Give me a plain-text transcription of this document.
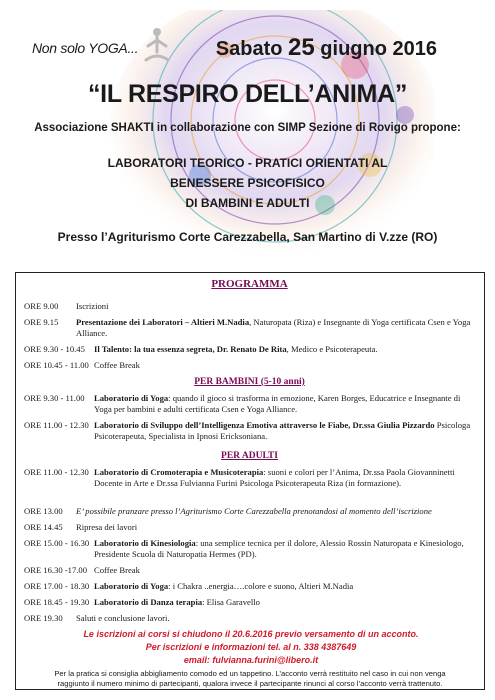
Non solo YOGA...	Sabato 25 giugno 2016
“IL RESPIRO DELL’ANIMA”
Associazione SHAKTI in collaborazione con SIMP Sezione di Rovigo propone:
LABORATORI TEORICO - PRATICI ORIENTATI AL
BENESSERE PSICOFISICO
DI BAMBINI E ADULTI
Presso l’Agriturismo Corte Carezzabella, San Martino di V.zze (RO)
PROGRAMMA
ORE 9.00 Iscrizioni
ORE 9.15 Presentazione dei Laboratori – Altieri M.Nadia, Naturopata (Riza) e Insegnante di Yoga certificata Csen e Yoga Alliance.
ORE 9.30 - 10.45 Il Talento: la tua essenza segreta, Dr. Renato De Rita, Medico e Psicoterapeuta.
ORE 10.45 - 11.00 Coffee Break
PER BAMBINI (5-10 anni)
ORE 9.30 - 11.00 Laboratorio di Yoga: quando il gioco si trasforma in emozione, Karen Borges, Educatrice e Insegnante di Yoga per bambini e adulti certificata Csen e Yoga Alliance.
ORE 11.00 - 12.30 Laboratorio di Sviluppo dell’Intelligenza Emotiva attraverso le Fiabe, Dr.ssa Giulia Pizzardo Psicologa Psicoterapeuta, Specialista in Ipnosi Ericksoniana.
PER ADULTI
ORE 11.00 - 12.30 Laboratorio di Cromoterapia e Musicoterapia: suoni e colori per l’Anima, Dr.ssa Paola Giovanninetti Docente in Arte e Dr.ssa Fulvianna Furini Psicologa Psicoterapeuta Riza (in formazione).
ORE 13.00 E’ possibile pranzare presso l’Agriturismo Corte Carezzabella prenotandosi al momento dell’iscrizione
ORE 14.45 Ripresa dei lavori
ORE 15.00 - 16.30 Laboratorio di Kinesiologia: una semplice tecnica per il dolore, Alessio Rossin Naturopata e Kinesiologo, Presidente Scuola di Naturopatia Hermes (PD).
ORE 16.30 -17.00 Coffee Break
ORE 17.00 - 18.30 Laboratorio di Yoga: i Chakra ..energia….colore e suono, Altieri M.Nadia
ORE 18.45 - 19.30 Laboratorio di Danza terapia: Elisa Garavello
ORE 19.30 Saluti e conclusione lavori.
Le iscrizioni ai corsi si chiudono il 20.6.2016 previo versamento di un acconto.
Per iscrizioni e informazioni tel. al n. 338 4387649
email: fulvianna.furini@libero.it
Per la pratica si consiglia abbigliamento comodo ed un tappetino. L’acconto verrà restituito nel caso in cui non venga
raggiunto il numero minimo di partecipanti, qualora invece il partecipante rinunci al corso l’acconto verrà trattenuto.
